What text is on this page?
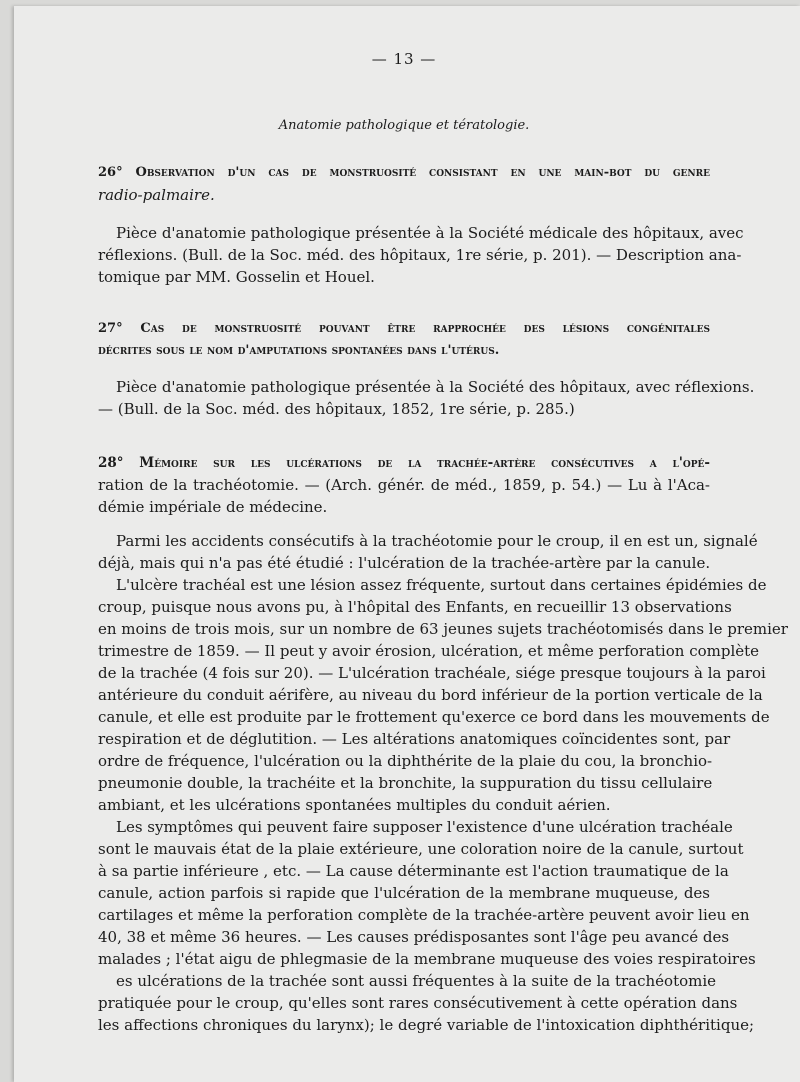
— 13 —
Anatomie pathologique et tératologie.
26° Observation d'un cas de monstruosité consistant en une main-bot du genre
radio-palmaire.
Pièce d'anatomie pathologique présentée à la Société médicale des hôpitaux, avec
réflexions. (Bull. de la Soc. méd. des hôpitaux, 1re série, p. 201). — Description ana-
tomique par MM. Gosselin et Houel.
27° Cas de monstruosité pouvant être rapprochée des lésions congénitales
décrites sous le nom d'amputations spontanées dans l'utérus.
Pièce d'anatomie pathologique présentée à la Société des hôpitaux, avec réflexions.
— (Bull. de la Soc. méd. des hôpitaux, 1852, 1re série, p. 285.)
28° Mémoire sur les ulcérations de la trachée-artère consécutives a l'opé-
ration de la trachéotomie. — (Arch. génér. de méd., 1859, p. 54.) — Lu à l'Aca-
démie impériale de médecine.
Parmi les accidents consécutifs à la trachéotomie pour le croup, il en est un, signalé
déjà, mais qui n'a pas été étudié : l'ulcération de la trachée-artère par la canule.
L'ulcère trachéal est une lésion assez fréquente, surtout dans certaines épidémies de
croup, puisque nous avons pu, à l'hôpital des Enfants, en recueillir 13 observations
en moins de trois mois, sur un nombre de 63 jeunes sujets trachéotomisés dans le premier
trimestre de 1859. — Il peut y avoir érosion, ulcération, et même perforation complète
de la trachée (4 fois sur 20). — L'ulcération trachéale, siége presque toujours à la paroi
antérieure du conduit aérifère, au niveau du bord inférieur de la portion verticale de la
canule, et elle est produite par le frottement qu'exerce ce bord dans les mouvements de
respiration et de déglutition. — Les altérations anatomiques coïncidentes sont, par
ordre de fréquence, l'ulcération ou la diphthérite de la plaie du cou, la bronchio-
pneumonie double, la trachéite et la bronchite, la suppuration du tissu cellulaire
ambiant, et les ulcérations spontanées multiples du conduit aérien.
Les symptômes qui peuvent faire supposer l'existence d'une ulcération trachéale
sont le mauvais état de la plaie extérieure, une coloration noire de la canule, surtout
à sa partie inférieure , etc. — La cause déterminante est l'action traumatique de la
canule, action parfois si rapide que l'ulcération de la membrane muqueuse, des
cartilages et même la perforation complète de la trachée-artère peuvent avoir lieu en
40, 38 et même 36 heures. — Les causes prédisposantes sont l'âge peu avancé des
malades ; l'état aigu de phlegmasie de la membrane muqueuse des voies respiratoires
es ulcérations de la trachée sont aussi fréquentes à la suite de la trachéotomie
pratiquée pour le croup, qu'elles sont rares consécutivement à cette opération dans
les affections chroniques du larynx); le degré variable de l'intoxication diphthéritique;
